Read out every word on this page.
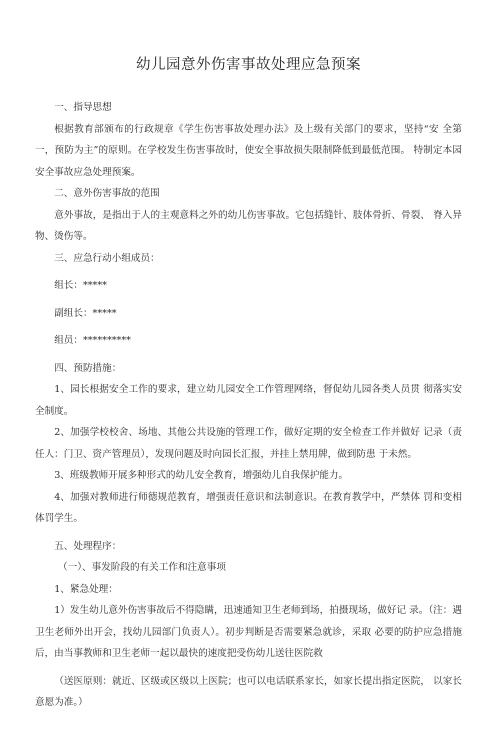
幼儿园意外伤害事故处理应急预案

一、指导思想

根据教育部颁布的行政规章《学生伤害事故处理办法》及上级有关部门的要求，坚持“安 全第一，预防为主”的原则。在学校发生伤害事故时，使安全事故损失限制降低到最低范围。 特制定本园安全事故应急处理预案。

二、意外伤害事故的范围

意外事故，是指出于人的主观意料之外的幼儿伤害事故。它包括缝针、肢体骨折、骨裂、 脊入异物、烫伤等。

三、应急行动小组成员：

组长：*****

副组长：*****

组员：**********

四、预防措施：

1、园长根据安全工作的要求，建立幼儿园安全工作管理网络，督促幼儿园各类人员贯 彻落实安全制度。

2、加强学校校舍、场地、其他公共设施的管理工作，做好定期的安全检查工作并做好 记录（责任人：门卫、资产管理员），发现问题及时向园长汇报，并挂上禁用牌，做到防患 于未然。

3、班级教师开展多种形式的幼儿安全教育，增强幼儿自我保护能力。

4、加强对教师进行师德规范教育，增强责任意识和法制意识。在教育教学中，严禁体 罚和变相体罚学生。

五、处理程序：

（一）、事发阶段的有关工作和注意事项

1、紧急处理：

1）发生幼儿意外伤害事故后不得隐瞒，迅速通知卫生老师到场，拍摄现场，做好记 录。（注：遇卫生老师外出开会，找幼儿园部门负责人）。初步判断是否需要紧急就诊，采取 必要的防护应急措施后，由当事教师和卫生老师一起以最快的速度把受伤幼儿送往医院救

（送医原则：就近、区级或区级以上医院；也可以电话联系家长，如家长提出指定医院， 以家长意愿为准。）
